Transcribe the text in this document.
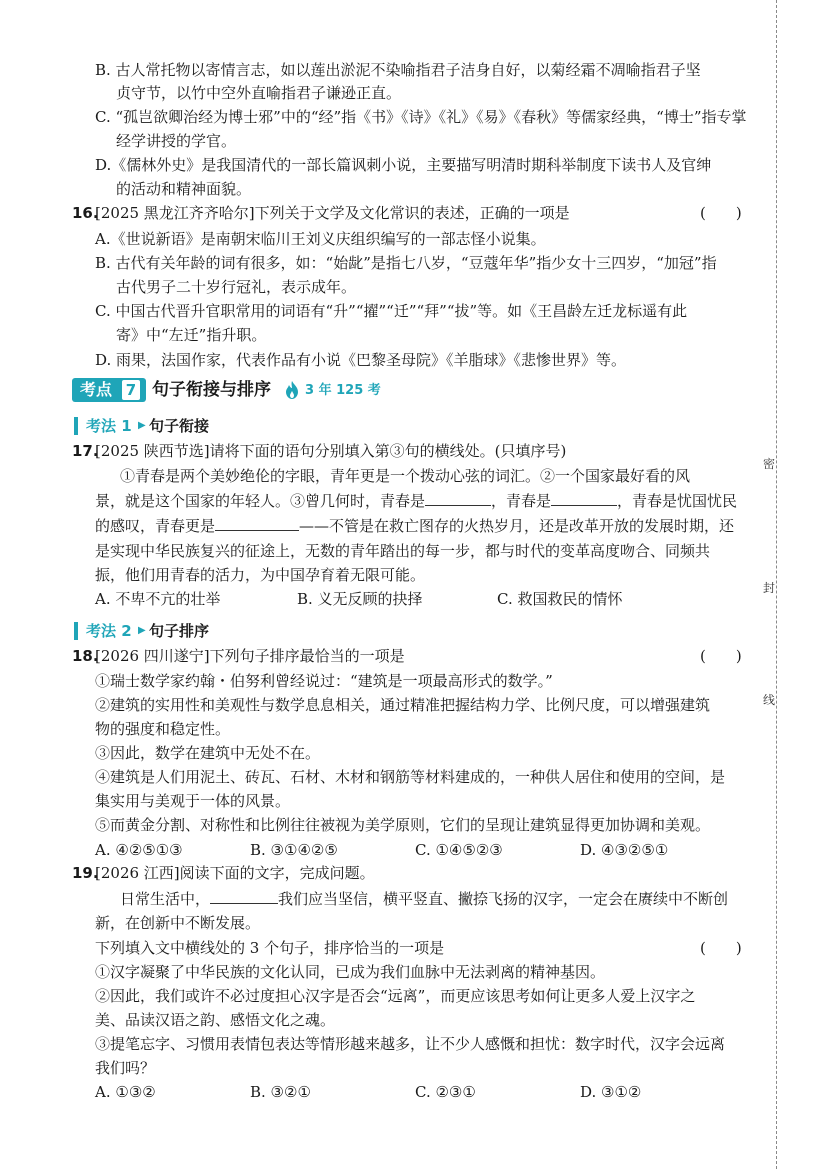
B. 古人常托物以寄情言志，如以莲出淤泥不染喻指君子洁身自好，以菊经霜不凋喻指君子坚
贞守节，以竹中空外直喻指君子谦逊正直。
C. “孤岂欲卿治经为博士邪”中的“经”指《书》《诗》《礼》《易》《春秋》等儒家经典，“博士”指专掌
经学讲授的学官。
D.《儒林外史》是我国清代的一部长篇讽刺小说，主要描写明清时期科举制度下读书人及官绅
的活动和精神面貌。
16.
[2025 黑龙江齐齐哈尔]下列关于文学及文化常识的表述，正确的一项是	(　　)
A.《世说新语》是南朝宋临川王刘义庆组织编写的一部志怪小说集。
B. 古代有关年龄的词有很多，如：“始龀”是指七八岁，“豆蔻年华”指少女十三四岁，“加冠”指
古代男子二十岁行冠礼，表示成年。
C. 中国古代晋升官职常用的词语有“升”“擢”“迁”“拜”“拔”等。如《王昌龄左迁龙标遥有此
寄》中“左迁”指升职。
D. 雨果，法国作家，代表作品有小说《巴黎圣母院》《羊脂球》《悲惨世界》等。
考点 7 句子衔接与排序	3 年 125 考
考法 1 ▶ 句子衔接
17.
[2025 陕西节选]请将下面的语句分别填入第③句的横线处。(只填序号)
①青春是两个美妙绝伦的字眼，青年更是一个拨动心弦的词汇。②一个国家最好看的风
景，就是这个国家的年轻人。③曾几何时，青春是	，青春是	，青春是忧国忧民
的感叹，青春更是	——不管是在救亡图存的火热岁月，还是改革开放的发展时期，还
是实现中华民族复兴的征途上，无数的青年踏出的每一步，都与时代的变革高度吻合、同频共
振，他们用青春的活力，为中国孕育着无限可能。
A. 不卑不亢的壮举	B. 义无反顾的抉择	C. 救国救民的情怀
考法 2 ▶ 句子排序
18.
[2026 四川遂宁]下列句子排序最恰当的一项是	(　　)
①瑞士数学家约翰・伯努利曾经说过：“建筑是一项最高形式的数学。”
②建筑的实用性和美观性与数学息息相关，通过精准把握结构力学、比例尺度，可以增强建筑
物的强度和稳定性。
③因此，数学在建筑中无处不在。
④建筑是人们用泥土、砖瓦、石材、木材和钢筋等材料建成的，一种供人居住和使用的空间，是
集实用与美观于一体的风景。
⑤而黄金分割、对称性和比例往往被视为美学原则，它们的呈现让建筑显得更加协调和美观。
A. ④②⑤①③	B. ③①④②⑤	C. ①④⑤②③	D. ④③②⑤①
19.
[2026 江西]阅读下面的文字，完成问题。
日常生活中，	我们应当坚信，横平竖直、撇捺飞扬的汉字，一定会在赓续中不断创
新，在创新中不断发展。
下列填入文中横线处的 3 个句子，排序恰当的一项是	(　　)
①汉字凝聚了中华民族的文化认同，已成为我们血脉中无法剥离的精神基因。
②因此，我们或许不必过度担心汉字是否会“远离”，而更应该思考如何让更多人爱上汉字之
美、品读汉语之韵、感悟文化之魂。
③提笔忘字、习惯用表情包表达等情形越来越多，让不少人感慨和担忧：数字时代，汉字会远离
我们吗？
A. ①③②	B. ③②①	C. ②③①	D. ③①②
密
封
线
